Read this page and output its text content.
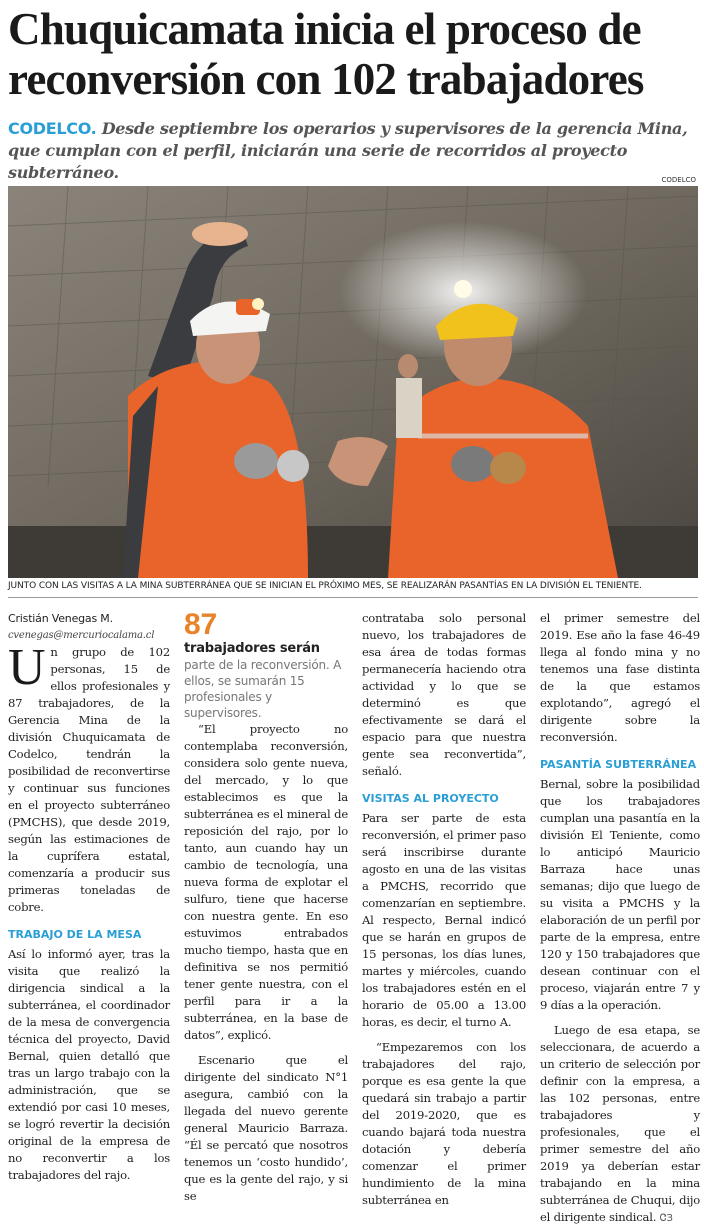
Chuquicamata inicia el proceso de
reconversión con 102 trabajadores
CODELCO. Desde septiembre los operarios y supervisores de la gerencia Mina, que cumplan con el perfil, iniciarán una serie de recorridos al proyecto subterráneo.	CODELCO
JUNTO CON LAS VISITAS A LA MINA SUBTERRÁNEA QUE SE INICIAN EL PRÓXIMO MES, SE REALIZARÁN PASANTÍAS EN LA DIVISIÓN EL TENIENTE.

Cristián Venegas M.

cvenegas@mercuriocalama.cl

Un grupo de 102 personas, 15 de ellos profesionales y 87 trabajadores, de la Gerencia Mina de la división Chuquicamata de Codelco, tendrán la posibilidad de reconvertirse y continuar sus funciones en el proyecto subterráneo (PMCHS), que desde 2019, según las estimaciones de la cuprífera estatal, comenzaría a producir sus primeras toneladas de cobre.

TRABAJO DE LA MESA

Así lo informó ayer, tras la visita que realizó la dirigencia sindical a la subterránea, el coordinador de la mesa de convergencia técnica del proyecto, David Bernal, quien detalló que tras un largo trabajo con la administración, que se extendió por casi 10 meses, se logró revertir la decisión original de la empresa de no reconvertir a los trabajadores del rajo.

87

trabajadores serán

parte de la reconversión. A ellos, se sumarán 15 profesionales y supervisores.

“El proyecto no contemplaba reconversión, considera solo gente nueva, del mercado, y lo que establecimos es que la subterránea es el mineral de reposición del rajo, por lo tanto, aun cuando hay un cambio de tecnología, una nueva forma de explotar el sulfuro, tiene que hacerse con nuestra gente. En eso estuvimos entrabados mucho tiempo, hasta que en definitiva se nos permitió tener gente nuestra, con el perfil para ir a la subterránea, en la base de datos”, explicó.

Escenario que el dirigente del sindicato N°1 asegura, cambió con la llegada del nuevo gerente general Mauricio Barraza. “Él se percató que nosotros tenemos un ‘costo hundido’, que es la gente del rajo, y si se

contrataba solo personal nuevo, los trabajadores de esa área de todas formas permanecería haciendo otra actividad y lo que se determinó es que efectivamente se dará el espacio para que nuestra gente sea reconvertida”, señaló.

VISITAS AL PROYECTO

Para ser parte de esta reconversión, el primer paso será inscribirse durante agosto en una de las visitas a PMCHS, recorrido que comenzarían en septiembre. Al respecto, Bernal indicó que se harán en grupos de 15 personas, los días lunes, martes y miércoles, cuando los trabajadores estén en el horario de 05.00 a 13.00 horas, es decir, el turno A.

“Empezaremos con los trabajadores del rajo, porque es esa gente la que quedará sin trabajo a partir del 2019-2020, que es cuando bajará toda nuestra dotación y debería comenzar el primer hundimiento de la mina subterránea en

el primer semestre del 2019. Ese año la fase 46-49 llega al fondo mina y no tenemos una fase distinta de la que estamos explotando”, agregó el dirigente sobre la reconversión.

PASANTÍA SUBTERRÁNEA

Bernal, sobre la posibilidad que los trabajadores cumplan una pasantía en la división El Teniente, como lo anticipó Mauricio Barraza hace unas semanas; dijo que luego de su visita a PMCHS y la elaboración de un perfil por parte de la empresa, entre 120 y 150 trabajadores que desean continuar con el proceso, viajarán entre 7 y 9 días a la operación.

Luego de esa etapa, se seleccionara, de acuerdo a un criterio de selección por definir con la empresa, a las 102 personas, entre trabajadores y profesionales, que el primer semestre del año 2019 ya deberían estar trabajando en la mina subterránea de Chuqui, dijo el dirigente sindical. ᏣЗ
